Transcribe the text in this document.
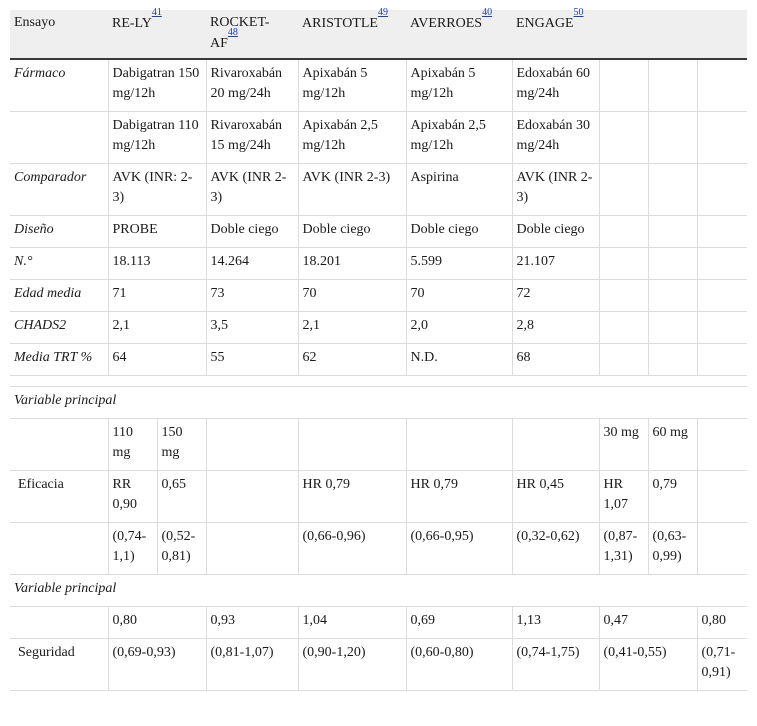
Ensayo	RE-LY$^{41}$		ROCKET-AF$^{48}$	ARISTOTLE$^{49}$	AVERROES$^{40}$	ENGAGE$^{50}$			
Fármaco	Dabigatran 150 mg/12h		Rivaroxabán 20 mg/24h	Apixabán 5 mg/12h	Apixabán 5 mg/12h	Edoxabán 60 mg/24h			
	Dabigatran 110 mg/12h		Rivaroxabán 15 mg/24h	Apixabán 2,5 mg/12h	Apixabán 2,5 mg/12h	Edoxabán 30 mg/24h			
Comparador	AVK (INR: 2-3)		AVK (INR 2-3)	AVK (INR 2-3)	Aspirina	AVK (INR 2-3)			
Diseño	PROBE		Doble ciego	Doble ciego	Doble ciego	Doble ciego			
N.°	18.113		14.264	18.201	5.599	21.107			
Edad media	71		73	70	70	72			
CHADS2	2,1		3,5	2,1	2,0	2,8			
Media TRT %	64		55	62	N.D.	68			

Variable principal									
	110 mg	150 mg					30 mg	60 mg	
Eficacia	RR 0,90	0,65		HR 0,79	HR 0,79	HR 0,45	HR 1,07	0,79	
	(0,74-1,1)	(0,52-0,81)		(0,66-0,96)	(0,66-0,95)	(0,32-0,62)	(0,87-1,31)	(0,63-0,99)	
Variable principal									
	0,80		0,93	1,04	0,69	1,13	0,47		0,80
Seguridad	(0,69-0,93)		(0,81-1,07)	(0,90-1,20)	(0,60-0,80)	(0,74-1,75)	(0,41-0,55)		(0,71-0,91)
